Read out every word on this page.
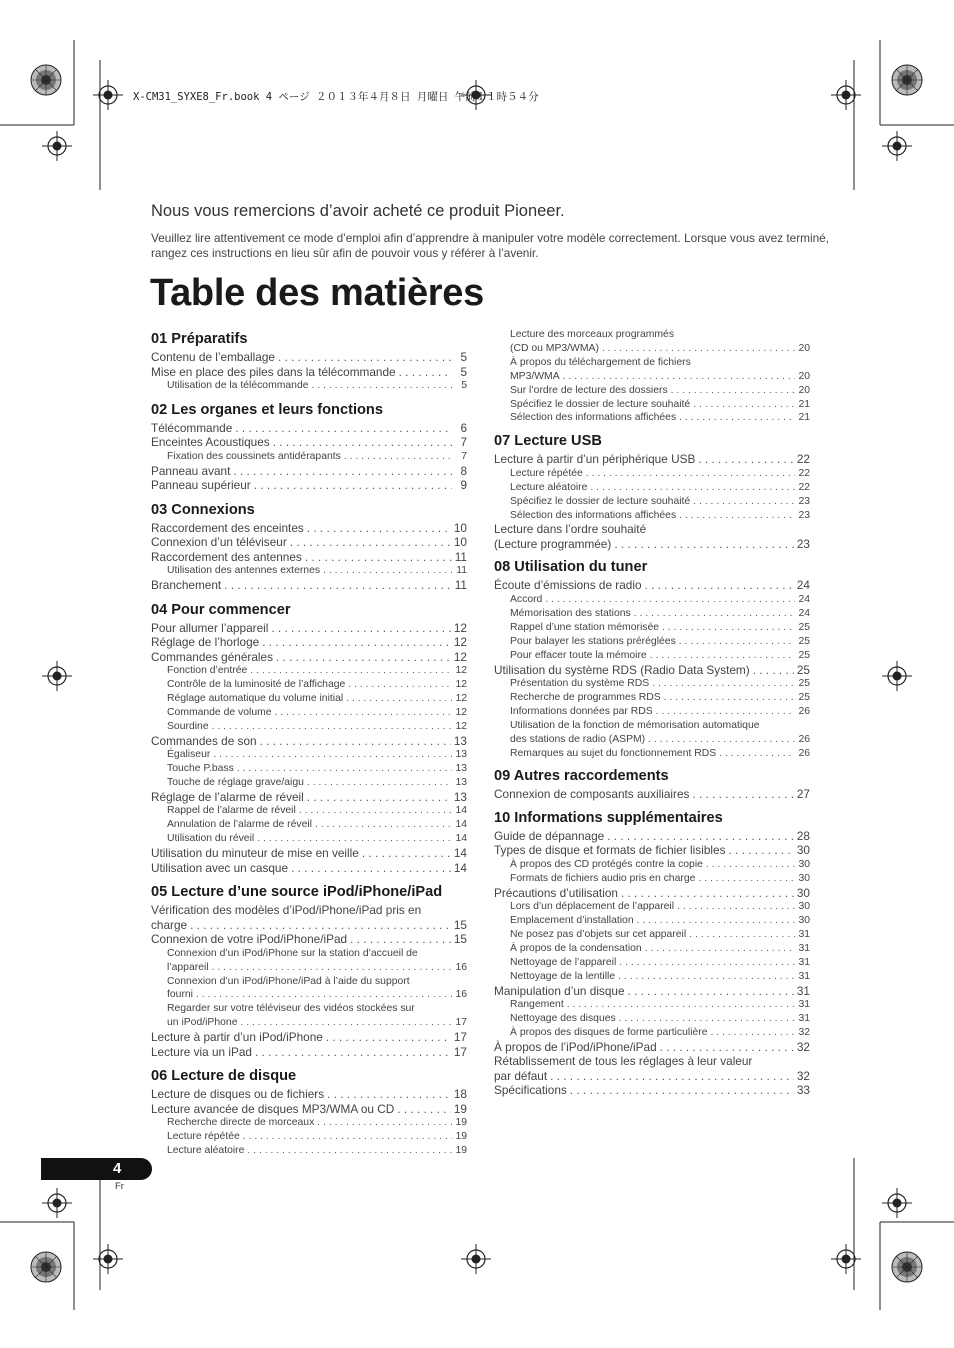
X-CM31_SYXE8_Fr.book 4 ページ ２０１３年４月８日 月曜日 午前１１時５４分
Nous vous remercions d’avoir acheté ce produit Pioneer.
Veuillez lire attentivement ce mode d’emploi afin d’apprendre à manipuler votre modèle correctement. Lorsque vous avez terminé, rangez ces instructions en lieu sûr afin de pouvoir vous y référer à l’avenir.
Table des matières
01 Préparatifs
Contenu de l’emballage . . .	5
Mise en place des piles dans la télécommande . . .	5
Utilisation de la télécommande . . .	5
02 Les organes et leurs fonctions
Télécommande . . .	6
Enceintes Acoustiques . . .	7
Fixation des coussinets antidérapants . . .	7
Panneau avant . . .	8
Panneau supérieur . . .	9
03 Connexions
Raccordement des enceintes . . .	10
Connexion d’un téléviseur . . .	10
Raccordement des antennes . . .	11
Utilisation des antennes externes . . .	11
Branchement . . .	11
04 Pour commencer
Pour allumer l’appareil . . .	12
Réglage de l’horloge . . .	12
Commandes générales . . .	12
Fonction d’entrée . . .	12
Contrôle de la luminosité de l’affichage . . .	12
Réglage automatique du volume initial . . .	12
Commande de volume . . .	12
Sourdine . . .	12
Commandes de son . . .	13
Égaliseur . . .	13
Touche P.bass . . .	13
Touche de réglage grave/aigu . . .	13
Réglage de l’alarme de réveil . . .	13
Rappel de l’alarme de réveil . . .	14
Annulation de l’alarme de réveil . . .	14
Utilisation du réveil . . .	14
Utilisation du minuteur de mise en veille . . .	14
Utilisation avec un casque . . .	14
05 Lecture d’une source iPod/iPhone/iPad
Vérification des modèles d’iPod/iPhone/iPad pris en
charge . . .	15
Connexion de votre iPod/iPhone/iPad . . .	15
Connexion d’un iPod/iPhone sur la station d’accueil de
l’appareil . . .	16
Connexion d’un iPod/iPhone/iPad à l’aide du support
fourni . . .	16
Regarder sur votre téléviseur des vidéos stockées sur
un iPod/iPhone . . .	17
Lecture à partir d’un iPod/iPhone . . .	17
Lecture via un iPad . . .	17
06 Lecture de disque
Lecture de disques ou de fichiers . . .	18
Lecture avancée de disques MP3/WMA ou CD . . .	19
Recherche directe de morceaux . . .	19
Lecture répétée . . .	19
Lecture aléatoire . . .	19
Lecture des morceaux programmés
(CD ou MP3/WMA) . . .	20
À propos du téléchargement de fichiers
MP3/WMA . . .	20
Sur l’ordre de lecture des dossiers . . .	20
Spécifiez le dossier de lecture souhaité . . .	21
Sélection des informations affichées . . .	21
07 Lecture USB
Lecture à partir d’un périphérique USB . . .	22
Lecture répétée . . .	22
Lecture aléatoire . . .	22
Spécifiez le dossier de lecture souhaité . . .	23
Sélection des informations affichées . . .	23
Lecture dans l’ordre souhaité
(Lecture programmée) . . .	23
08 Utilisation du tuner
Écoute d’émissions de radio . . .	24
Accord . . .	24
Mémorisation des stations . . .	24
Rappel d’une station mémorisée . . .	25
Pour balayer les stations préréglées . . .	25
Pour effacer toute la mémoire . . .	25
Utilisation du système RDS (Radio Data System) . . .	25
Présentation du système RDS . . .	25
Recherche de programmes RDS . . .	25
Informations données par RDS . . .	26
Utilisation de la fonction de mémorisation automatique
des stations de radio (ASPM) . . .	26
Remarques au sujet du fonctionnement RDS . . .	26
09 Autres raccordements
Connexion de composants auxiliaires . . .	27
10 Informations supplémentaires
Guide de dépannage . . .	28
Types de disque et formats de fichier lisibles . . .	30
À propos des CD protégés contre la copie . . .	30
Formats de fichiers audio pris en charge . . .	30
Précautions d’utilisation . . .	30
Lors d’un déplacement de l’appareil . . .	30
Emplacement d’installation . . .	30
Ne posez pas d’objets sur cet appareil . . .	31
À propos de la condensation . . .	31
Nettoyage de l’appareil . . .	31
Nettoyage de la lentille . . .	31
Manipulation d’un disque . . .	31
Rangement . . .	31
Nettoyage des disques . . .	31
À propos des disques de forme particulière . . .	32
À propos de l’iPod/iPhone/iPad . . .	32
Rétablissement de tous les réglages à leur valeur
par défaut . . .	32
Spécifications . . .	33
4
Fr
